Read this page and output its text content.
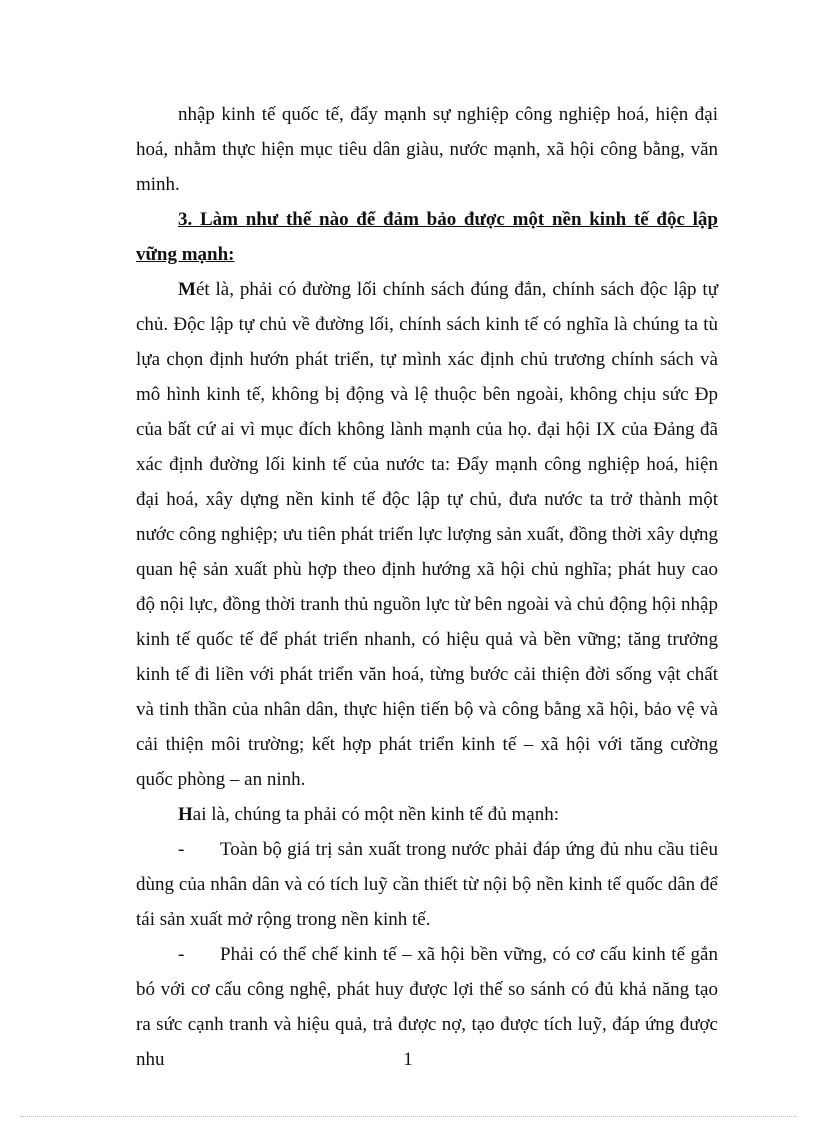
nhập kinh tế quốc tế, đẩy mạnh sự nghiệp công nghiệp hoá, hiện đại hoá, nhằm thực hiện mục tiêu dân giàu, nước mạnh, xã hội công bằng, văn minh.

3. Làm như thế nào để đảm bảo được một nền kinh tế độc lập vững mạnh:

Mét là, phải có đường lối chính sách đúng đắn, chính sách độc lập tự chủ. Độc lập tự chủ về đường lối, chính sách kinh tế có nghĩa là chúng ta tù lựa chọn định hướn phát triển, tự mình xác định chủ trương chính sách và mô hình kinh tế, không bị động và lệ thuộc bên ngoài, không chịu sức Ðp của bất cứ ai vì mục đích không lành mạnh của họ. đại hội IX của Đảng đã xác định đường lối kinh tế của nước ta: Đẩy mạnh công nghiệp hoá, hiện đại hoá, xây dựng nền kinh tế độc lập tự chủ, đưa nước ta trở thành một nước công nghiệp; ưu tiên phát triển lực lượng sản xuất, đồng thời xây dựng quan hệ sản xuất phù hợp theo định hướng xã hội chủ nghĩa; phát huy cao độ nội lực, đồng thời tranh thủ nguồn lực từ bên ngoài và chủ động hội nhập kinh tế quốc tế để phát triển nhanh, có hiệu quả và bền vững; tăng trưởng kinh tế đi liền với phát triển văn hoá, từng bước cải thiện đời sống vật chất và tinh thần của nhân dân, thực hiện tiến bộ và công bằng xã hội, bảo vệ và cải thiện môi trường; kết hợp phát triển kinh tế – xã hội với tăng cường quốc phòng – an ninh.

Hai là, chúng ta phải có một nền kinh tế đủ mạnh:

- Toàn bộ giá trị sản xuất trong nước phải đáp ứng đủ nhu cầu tiêu dùng của nhân dân và có tích luỹ cần thiết từ nội bộ nền kinh tế quốc dân để tái sản xuất mở rộng trong nền kinh tế.

- Phải có thể chế kinh tế – xã hội bền vững, có cơ cấu kinh tế gắn bó với cơ cấu công nghệ, phát huy được lợi thế so sánh có đủ khả năng tạo ra sức cạnh tranh và hiệu quả, trả được nợ, tạo được tích luỹ, đáp ứng được nhu	1
